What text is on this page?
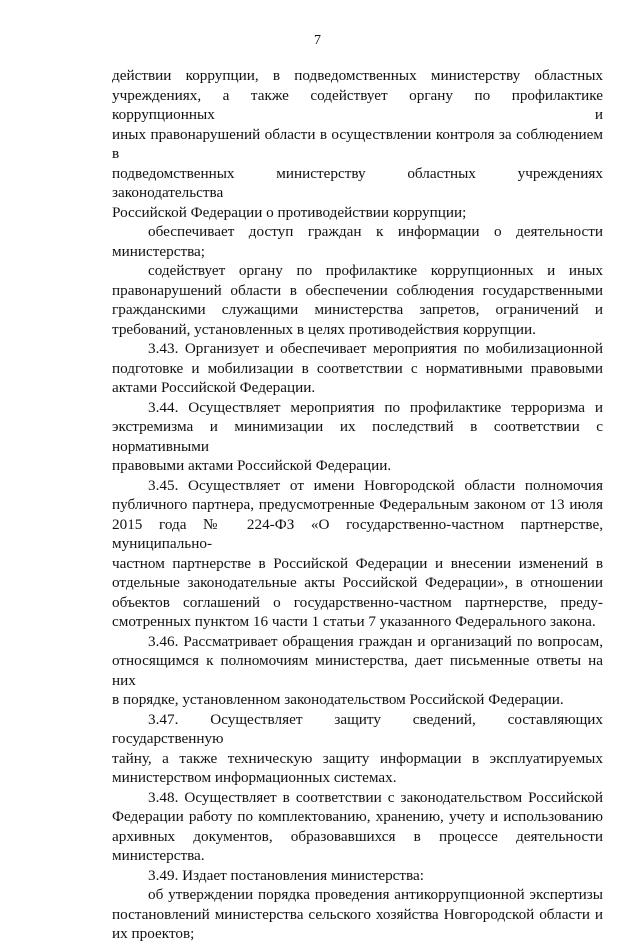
7

действии коррупции, в подведомственных министерству областных

учреждениях, а также содействует органу по профилактике коррупционных и

иных правонарушений области в осуществлении контроля за соблюдением в

подведомственных министерству областных учреждениях законодательства

Российской Федерации о противодействии коррупции;

обеспечивает доступ граждан к информации о деятельности

министерства;

содействует органу по профилактике коррупционных и иных

правонарушений области в обеспечении соблюдения государственными

гражданскими служащими министерства запретов, ограничений и

требований, установленных в целях противодействия коррупции.

3.43. Организует и обеспечивает мероприятия по мобилизационной

подготовке и мобилизации в соответствии с нормативными правовыми

актами Российской Федерации.

3.44. Осуществляет мероприятия по профилактике терроризма и

экстремизма и минимизации их последствий в соответствии с нормативными

правовыми актами Российской Федерации.

3.45. Осуществляет от имени Новгородской области полномочия

публичного партнера, предусмотренные Федеральным законом от 13 июля

2015 года № 224-ФЗ «О государственно-частном партнерстве, муниципально-

частном партнерстве в Российской Федерации и внесении изменений в

отдельные законодательные акты Российской Федерации», в отношении

объектов соглашений о государственно-частном партнерстве, преду-

смотренных пунктом 16 части 1 статьи 7 указанного Федерального закона.

3.46. Рассматривает обращения граждан и организаций по вопросам,

относящимся к полномочиям министерства, дает письменные ответы на них

в порядке, установленном законодательством Российской Федерации.

3.47. Осуществляет защиту сведений, составляющих государственную

тайну, а также техническую защиту информации в эксплуатируемых

министерством информационных системах.

3.48. Осуществляет в соответствии с законодательством Российской

Федерации работу по комплектованию, хранению, учету и использованию

архивных документов, образовавшихся в процессе деятельности

министерства.

3.49. Издает постановления министерства:

об утверждении порядка проведения антикоррупционной экспертизы

постановлений министерства сельского хозяйства Новгородской области и

их проектов;
